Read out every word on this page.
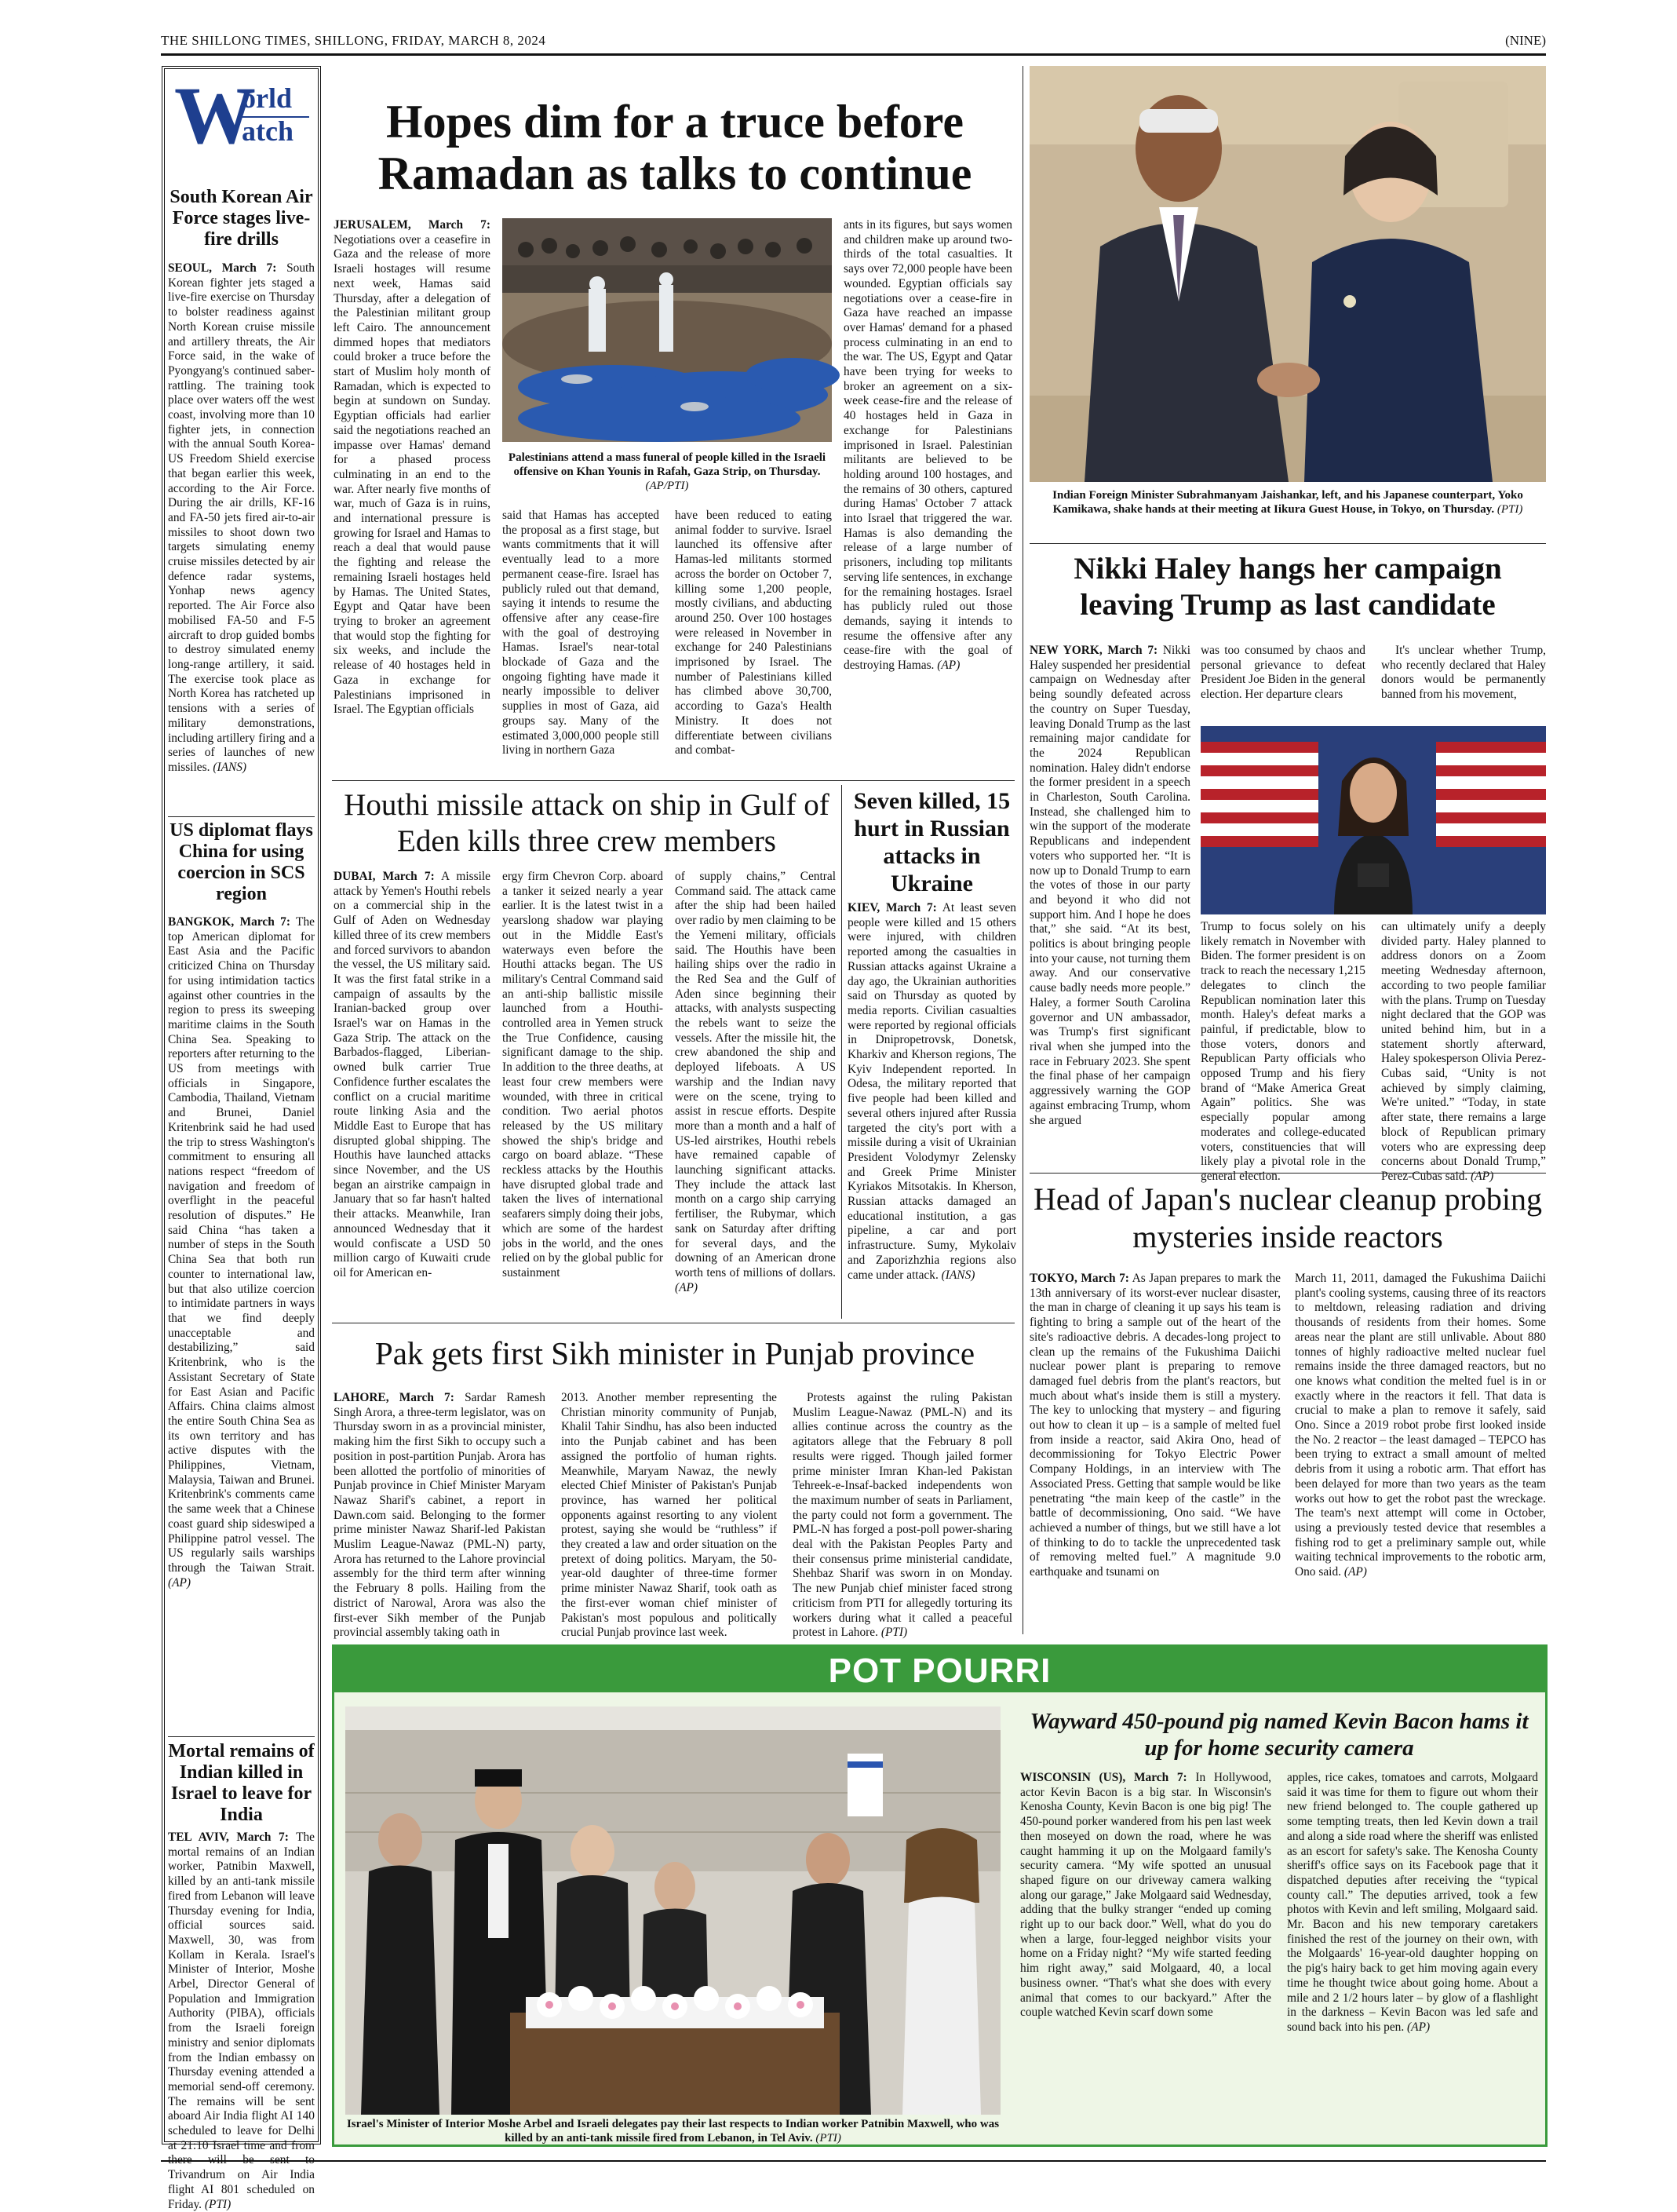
THE SHILLONG TIMES, SHILLONG, FRIDAY, MARCH 8, 2024	(NINE)
W
orld
atch
South Korean Air Force stages live-fire drills

SEOUL, March 7: South Korean fighter jets staged a live-fire exercise on Thursday to bolster readiness against North Korean cruise missile and artillery threats, the Air Force said, in the wake of Pyongyang's continued saber-rattling. The training took place over waters off the west coast, involving more than 10 fighter jets, in connection with the annual South Korea-US Freedom Shield exercise that began earlier this week, according to the Air Force. During the air drills, KF-16 and FA-50 jets fired air-to-air missiles to shoot down two targets simulating enemy cruise missiles detected by air defence radar systems, Yonhap news agency reported. The Air Force also mobilised FA-50 and F-5 aircraft to drop guided bombs to destroy simulated enemy long-range artillery, it said. The exercise took place as North Korea has ratcheted up tensions with a series of military demonstrations, including artillery firing and a series of launches of new missiles. (IANS)

US diplomat flays China for using coercion in SCS region

BANGKOK, March 7: The top American diplomat for East Asia and the Pacific criticized China on Thursday for using intimidation tactics against other countries in the region to press its sweeping maritime claims in the South China Sea. Speaking to reporters after returning to the US from meetings with officials in Singapore, Cambodia, Thailand, Vietnam and Brunei, Daniel Kritenbrink said he had used the trip to stress Washington's commitment to ensuring all nations respect “freedom of navigation and freedom of overflight in the peaceful resolution of disputes.” He said China “has taken a number of steps in the South China Sea that both run counter to international law, but that also utilize coercion to intimidate partners in ways that we find deeply unacceptable and destabilizing,” said Kritenbrink, who is the Assistant Secretary of State for East Asian and Pacific Affairs. China claims almost the entire South China Sea as its own territory and has active disputes with the Philippines, Vietnam, Malaysia, Taiwan and Brunei. Kritenbrink's comments came the same week that a Chinese coast guard ship sideswiped a Philippine patrol vessel. The US regularly sails warships through the Taiwan Strait. (AP)

Mortal remains of Indian killed in Israel to leave for India

TEL AVIV, March 7: The mortal remains of an Indian worker, Patnibin Maxwell, killed by an anti-tank missile fired from Lebanon will leave Thursday evening for India, official sources said. Maxwell, 30, was from Kollam in Kerala. Israel's Minister of Interior, Moshe Arbel, Director General of Population and Immigration Authority (PIBA), officials from the Israeli foreign ministry and senior diplomats from the Indian embassy on Thursday evening attended a memorial send-off ceremony. The remains will be sent aboard Air India flight AI 140 scheduled to leave for Delhi at 21:10 Israel time and from there will be sent to Trivandrum on Air India flight AI 801 scheduled on Friday. (PTI)

Hopes dim for a truce before Ramadan as talks to continue

JERUSALEM, March 7: Negotiations over a ceasefire in Gaza and the release of more Israeli hostages will resume next week, Hamas said Thursday, after a delegation of the Palestinian militant group left Cairo. The announcement dimmed hopes that mediators could broker a truce before the start of Muslim holy month of Ramadan, which is expected to begin at sundown on Sunday. Egyptian officials had earlier said the negotiations reached an impasse over Hamas' demand for a phased process culminating in an end to the war. After nearly five months of war, much of Gaza is in ruins, and international pressure is growing for Israel and Hamas to reach a deal that would pause the fighting and release the remaining Israeli hostages held by Hamas. The United States, Egypt and Qatar have been trying to broker an agreement that would stop the fighting for six weeks, and include the release of 40 hostages held in Gaza in exchange for Palestinians imprisoned in Israel. The Egyptian officials

Palestinians attend a mass funeral of people killed in the Israeli offensive on Khan Younis in Rafah, Gaza Strip, on Thursday. (AP/PTI)

said that Hamas has accepted the proposal as a first stage, but wants commitments that it will eventually lead to a more permanent cease-fire. Israel has publicly ruled out that demand, saying it intends to resume the offensive after any cease-fire with the goal of destroying Hamas. Israel's near-total blockade of Gaza and the ongoing fighting have made it nearly impossible to deliver supplies in most of Gaza, aid groups say. Many of the estimated 3,000,000 people still living in northern Gaza

have been reduced to eating animal fodder to survive. Israel launched its offensive after Hamas-led militants stormed across the border on October 7, killing some 1,200 people, mostly civilians, and abducting around 250. Over 100 hostages were released in November in exchange for 240 Palestinians imprisoned by Israel. The number of Palestinians killed has climbed above 30,700, according to Gaza's Health Ministry. It does not differentiate between civilians and combat-

ants in its figures, but says women and children make up around two-thirds of the total casualties. It says over 72,000 people have been wounded. Egyptian officials say negotiations over a cease-fire in Gaza have reached an impasse over Hamas' demand for a phased process culminating in an end to the war. The US, Egypt and Qatar have been trying for weeks to broker an agreement on a six-week cease-fire and the release of 40 hostages held in Gaza in exchange for Palestinians imprisoned in Israel. Palestinian militants are believed to be holding around 100 hostages, and the remains of 30 others, captured during Hamas' October 7 attack into Israel that triggered the war. Hamas is also demanding the release of a large number of prisoners, including top militants serving life sentences, in exchange for the remaining hostages. Israel has publicly ruled out those demands, saying it intends to resume the offensive after any cease-fire with the goal of destroying Hamas. (AP)

Indian Foreign Minister Subrahmanyam Jaishankar, left, and his Japanese counterpart, Yoko Kamikawa, shake hands at their meeting at Iikura Guest House, in Tokyo, on Thursday. (PTI)
Nikki Haley hangs her campaign leaving Trump as last candidate

NEW YORK, March 7: Nikki Haley suspended her presidential campaign on Wednesday after being soundly defeated across the country on Super Tuesday, leaving Donald Trump as the last remaining major candidate for the 2024 Republican nomination. Haley didn't endorse the former president in a speech in Charleston, South Carolina. Instead, she challenged him to win the support of the moderate Republicans and independent voters who supported her. “It is now up to Donald Trump to earn the votes of those in our party and beyond it who did not support him. And I hope he does that,” she said. “At its best, politics is about bringing people into your cause, not turning them away. And our conservative cause badly needs more people.” Haley, a former South Carolina governor and UN ambassador, was Trump's first significant rival when she jumped into the race in February 2023. She spent the final phase of her campaign aggressively warning the GOP against embracing Trump, whom she argued

was too consumed by chaos and personal grievance to defeat President Joe Biden in the general election. Her departure clears

It's unclear whether Trump, who recently declared that Haley donors would be permanently banned from his movement,

Trump to focus solely on his likely rematch in November with Biden. The former president is on track to reach the necessary 1,215 delegates to clinch the Republican nomination later this month. Haley's defeat marks a painful, if predictable, blow to those voters, donors and Republican Party officials who opposed Trump and his fiery brand of “Make America Great Again” politics. She was especially popular among moderates and college-educated voters, constituencies that will likely play a pivotal role in the general election.

can ultimately unify a deeply divided party. Haley planned to address donors on a Zoom meeting Wednesday afternoon, according to two people familiar with the plans. Trump on Tuesday night declared that the GOP was united behind him, but in a statement shortly afterward, Haley spokesperson Olivia Perez-Cubas said, “Unity is not achieved by simply claiming, We're united.” “Today, in state after state, there remains a large block of Republican primary voters who are expressing deep concerns about Donald Trump,” Perez-Cubas said. (AP)

Houthi missile attack on ship in Gulf of Eden kills three crew members

DUBAI, March 7: A missile attack by Yemen's Houthi rebels on a commercial ship in the Gulf of Aden on Wednesday killed three of its crew members and forced survivors to abandon the vessel, the US military said. It was the first fatal strike in a campaign of assaults by the Iranian-backed group over Israel's war on Hamas in the Gaza Strip. The attack on the Barbados-flagged, Liberian-owned bulk carrier True Confidence further escalates the conflict on a crucial maritime route linking Asia and the Middle East to Europe that has disrupted global shipping. The Houthis have launched attacks since November, and the US began an airstrike campaign in January that so far hasn't halted their attacks. Meanwhile, Iran announced Wednesday that it would confiscate a USD 50 million cargo of Kuwaiti crude oil for American en-

ergy firm Chevron Corp. aboard a tanker it seized nearly a year earlier. It is the latest twist in a yearslong shadow war playing out in the Middle East's waterways even before the Houthi attacks began. The US military's Central Command said an anti-ship ballistic missile launched from a Houthi-controlled area in Yemen struck the True Confidence, causing significant damage to the ship. In addition to the three deaths, at least four crew members were wounded, with three in critical condition. Two aerial photos released by the US military showed the ship's bridge and cargo on board ablaze. “These reckless attacks by the Houthis have disrupted global trade and taken the lives of international seafarers simply doing their jobs, which are some of the hardest jobs in the world, and the ones relied on by the global public for sustainment

of supply chains,” Central Command said. The attack came after the ship had been hailed over radio by men claiming to be the Yemeni military, officials said. The Houthis have been hailing ships over the radio in the Red Sea and the Gulf of Aden since beginning their attacks, with analysts suspecting the rebels want to seize the vessels. After the missile hit, the crew abandoned the ship and deployed lifeboats. A US warship and the Indian navy were on the scene, trying to assist in rescue efforts. Despite more than a month and a half of US-led airstrikes, Houthi rebels have remained capable of launching significant attacks. They include the attack last month on a cargo ship carrying fertiliser, the Rubymar, which sank on Saturday after drifting for several days, and the downing of an American drone worth tens of millions of dollars. (AP)

Seven killed, 15 hurt in Russian attacks in Ukraine

KIEV, March 7: At least seven people were killed and 15 others were injured, with children reported among the casualties in Russian attacks against Ukraine a day ago, the Ukrainian authorities said on Thursday as quoted by media reports. Civilian casualties were reported by regional officials in Dnipropetrovsk, Donetsk, Kharkiv and Kherson regions, The Kyiv Independent reported. In Odesa, the military reported that five people had been killed and several others injured after Russia targeted the city's port with a missile during a visit of Ukrainian President Volodymyr Zelensky and Greek Prime Minister Kyriakos Mitsotakis. In Kherson, Russian attacks damaged an educational institution, a gas pipeline, a car and port infrastructure. Sumy, Mykolaiv and Zaporizhzhia regions also came under attack. (IANS)

Head of Japan's nuclear cleanup probing mysteries inside reactors

TOKYO, March 7: As Japan prepares to mark the 13th anniversary of its worst-ever nuclear disaster, the man in charge of cleaning it up says his team is fighting to bring a sample out of the heart of the site's radioactive debris. A decades-long project to clean up the remains of the Fukushima Daiichi nuclear power plant is preparing to remove damaged fuel debris from the plant's reactors, but much about what's inside them is still a mystery. The key to unlocking that mystery – and figuring out how to clean it up – is a sample of melted fuel from inside a reactor, said Akira Ono, head of decommissioning for Tokyo Electric Power Company Holdings, in an interview with The Associated Press. Getting that sample would be like penetrating “the main keep of the castle” in the battle of decommissioning, Ono said. “We have achieved a number of things, but we still have a lot of thinking to do to tackle the unprecedented task of removing melted fuel.” A magnitude 9.0 earthquake and tsunami on

March 11, 2011, damaged the Fukushima Daiichi plant's cooling systems, causing three of its reactors to meltdown, releasing radiation and driving thousands of residents from their homes. Some areas near the plant are still unlivable. About 880 tonnes of highly radioactive melted nuclear fuel remains inside the three damaged reactors, but no one knows what condition the melted fuel is in or exactly where in the reactors it fell. That data is crucial to make a plan to remove it safely, said Ono. Since a 2019 robot probe first looked inside the No. 2 reactor – the least damaged – TEPCO has been trying to extract a small amount of melted debris from it using a robotic arm. That effort has been delayed for more than two years as the team works out how to get the robot past the wreckage. The team's next attempt will come in October, using a previously tested device that resembles a fishing rod to get a preliminary sample out, while waiting technical improvements to the robotic arm, Ono said. (AP)

Pak gets first Sikh minister in Punjab province

LAHORE, March 7: Sardar Ramesh Singh Arora, a three-term legislator, was on Thursday sworn in as a provincial minister, making him the first Sikh to occupy such a position in post-partition Punjab. Arora has been allotted the portfolio of minorities of Punjab province in Chief Minister Maryam Nawaz Sharif's cabinet, a report in Dawn.com said. Belonging to the former prime minister Nawaz Sharif-led Pakistan Muslim League-Nawaz (PML-N) party, Arora has returned to the Lahore provincial assembly for the third term after winning the February 8 polls. Hailing from the district of Narowal, Arora was also the first-ever Sikh member of the Punjab provincial assembly taking oath in

2013. Another member representing the Christian minority community of Punjab, Khalil Tahir Sindhu, has also been inducted into the Punjab cabinet and has been assigned the portfolio of human rights. Meanwhile, Maryam Nawaz, the newly elected Chief Minister of Pakistan's Punjab province, has warned her political opponents against resorting to any violent protest, saying she would be “ruthless” if they created a law and order situation on the pretext of doing politics. Maryam, the 50-year-old daughter of three-time former prime minister Nawaz Sharif, took oath as the first-ever woman chief minister of Pakistan's most populous and politically crucial Punjab province last week.

Protests against the ruling Pakistan Muslim League-Nawaz (PML-N) and its allies continue across the country as the agitators allege that the February 8 poll results were rigged. Though jailed former prime minister Imran Khan-led Pakistan Tehreek-e-Insaf-backed independents won the maximum number of seats in Parliament, the party could not form a government. The PML-N has forged a post-poll power-sharing deal with the Pakistan Peoples Party and their consensus prime ministerial candidate, Shehbaz Sharif was sworn in on Monday. The new Punjab chief minister faced strong criticism from PTI for allegedly torturing its workers during what it called a peaceful protest in Lahore. (PTI)

POT POURRI
Israel's Minister of Interior Moshe Arbel and Israeli delegates pay their last respects to Indian worker Patnibin Maxwell, who was killed by an anti-tank missile fired from Lebanon, in Tel Aviv. (PTI)
Wayward 450-pound pig named Kevin Bacon hams it up for home security camera

WISCONSIN (US), March 7: In Hollywood, actor Kevin Bacon is a big star. In Wisconsin's Kenosha County, Kevin Bacon is one big pig! The 450-pound porker wandered from his pen last week then moseyed on down the road, where he was caught hamming it up on the Molgaard family's security camera. “My wife spotted an unusual shaped figure on our driveway camera walking along our garage,” Jake Molgaard said Wednesday, adding that the bulky stranger “ended up coming right up to our back door.” Well, what do you do when a large, four-legged neighbor visits your home on a Friday night? “My wife started feeding him right away,” said Molgaard, 40, a local business owner. “That's what she does with every animal that comes to our backyard.” After the couple watched Kevin scarf down some

apples, rice cakes, tomatoes and carrots, Molgaard said it was time for them to figure out whom their new friend belonged to. The couple gathered up some tempting treats, then led Kevin down a trail and along a side road where the sheriff was enlisted as an escort for safety's sake. The Kenosha County sheriff's office says on its Facebook page that it dispatched deputies after receiving the “typical county call.” The deputies arrived, took a few photos with Kevin and left smiling, Molgaard said. Mr. Bacon and his new temporary caretakers finished the rest of the journey on their own, with the Molgaards' 16-year-old daughter hopping on the pig's hairy back to get him moving again every time he thought twice about going home. About a mile and 2 1/2 hours later – by glow of a flashlight in the darkness – Kevin Bacon was led safe and sound back into his pen. (AP)
